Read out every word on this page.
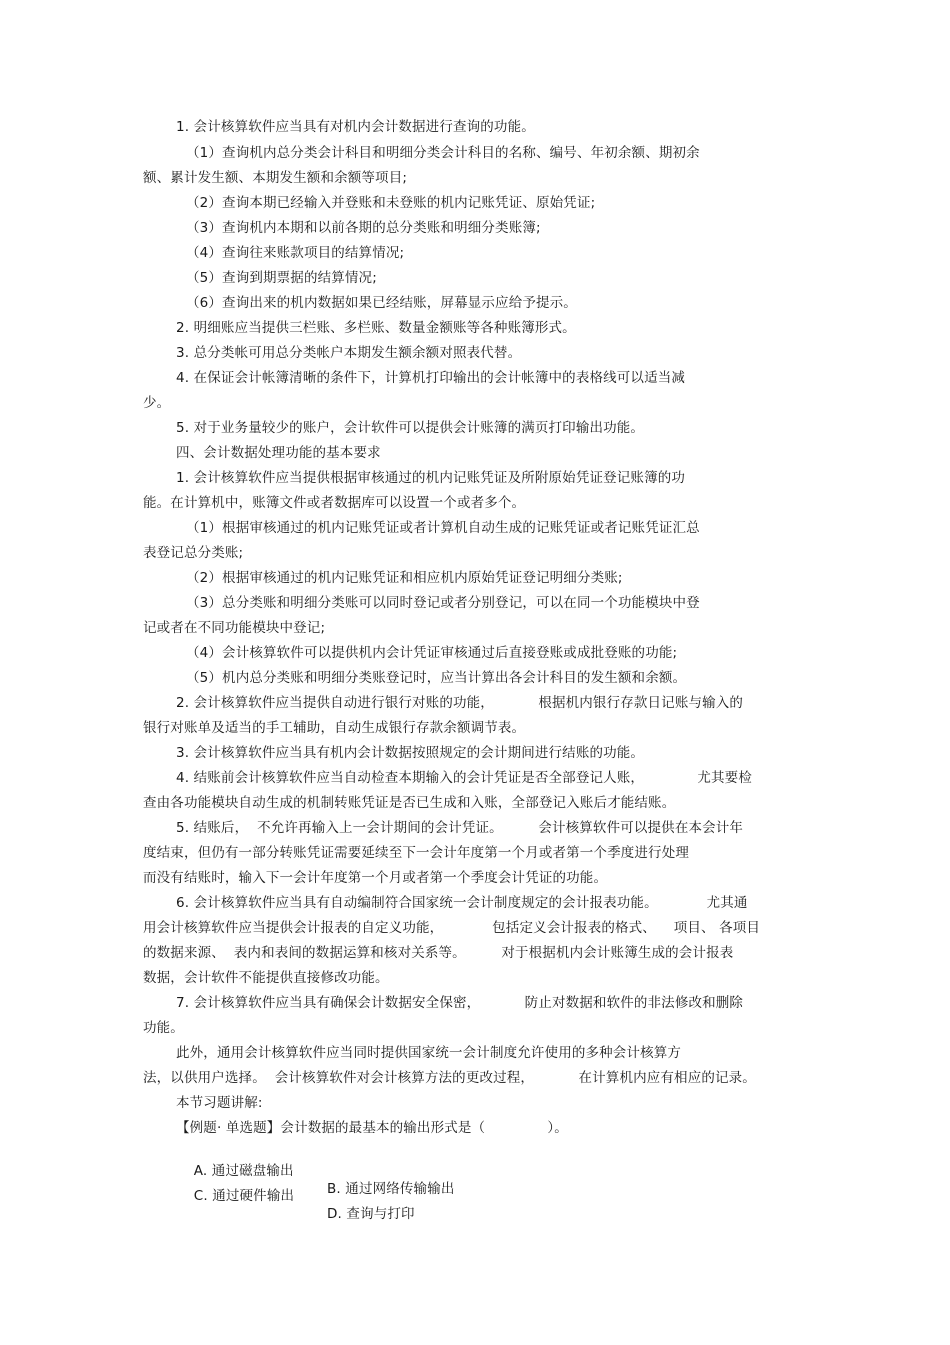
1. 会计核算软件应当具有对机内会计数据进行查询的功能。
（1）查询机内总分类会计科目和明细分类会计科目的名称、编号、年初余额、期初余
额、累计发生额、本期发生额和余额等项目;
（2）查询本期已经输入并登账和未登账的机内记账凭证、原始凭证;
（3）查询机内本期和以前各期的总分类账和明细分类账簿;
（4）查询往来账款项目的结算情况;
（5）查询到期票据的结算情况;
（6）查询出来的机内数据如果已经结账，屏幕显示应给予提示。
2. 明细账应当提供三栏账、多栏账、数量金额账等各种账簿形式。
3. 总分类帐可用总分类帐户本期发生额余额对照表代替。
4. 在保证会计帐簿清晰的条件下，计算机打印输出的会计帐簿中的表格线可以适当减
少。
5. 对于业务量较少的账户，会计软件可以提供会计账簿的满页打印输出功能。
四、会计数据处理功能的基本要求
1. 会计核算软件应当提供根据审核通过的机内记账凭证及所附原始凭证登记账簿的功
能。在计算机中，账簿文件或者数据库可以设置一个或者多个。
（1）根据审核通过的机内记账凭证或者计算机自动生成的记账凭证或者记账凭证汇总
表登记总分类账;
（2）根据审核通过的机内记账凭证和相应机内原始凭证登记明细分类账;
（3）总分类账和明细分类账可以同时登记或者分别登记，可以在同一个功能模块中登
记或者在不同功能模块中登记;
（4）会计核算软件可以提供机内会计凭证审核通过后直接登账或成批登账的功能;
（5）机内总分类账和明细分类账登记时，应当计算出各会计科目的发生额和余额。
2. 会计核算软件应当提供自动进行银行对账的功能，          根据机内银行存款日记账与输入的
银行对账单及适当的手工辅助，自动生成银行存款余额调节表。
3. 会计核算软件应当具有机内会计数据按照规定的会计期间进行结账的功能。
4. 结账前会计核算软件应当自动检查本期输入的会计凭证是否全部登记人账，            尤其要检
查由各功能模块自动生成的机制转账凭证是否已生成和入账，全部登记入账后才能结账。
5. 结账后，  不允许再输入上一会计期间的会计凭证。        会计核算软件可以提供在本会计年
度结束，但仍有一部分转账凭证需要延续至下一会计年度第一个月或者第一个季度进行处理
而没有结账时，输入下一会计年度第一个月或者第一个季度会计凭证的功能。
6. 会计核算软件应当具有自动编制符合国家统一会计制度规定的会计报表功能。           尤其通
用会计核算软件应当提供会计报表的自定义功能，           包括定义会计报表的格式、    项目、 各项目
的数据来源、  表内和表间的数据运算和核对关系等。        对于根据机内会计账簿生成的会计报表
数据，会计软件不能提供直接修改功能。
7. 会计核算软件应当具有确保会计数据安全保密，          防止对数据和软件的非法修改和删除
功能。
此外，通用会计核算软件应当同时提供国家统一会计制度允许使用的多种会计核算方
法，以供用户选择。  会计核算软件对会计核算方法的更改过程，          在计算机内应有相应的记录。
本节习题讲解:
【例题· 单选题】会计数据的最基本的输出形式是（              ）。

A. 通过磁盘输出

B. 通过网络传输输出

C. 通过硬件输出

D. 查询与打印
